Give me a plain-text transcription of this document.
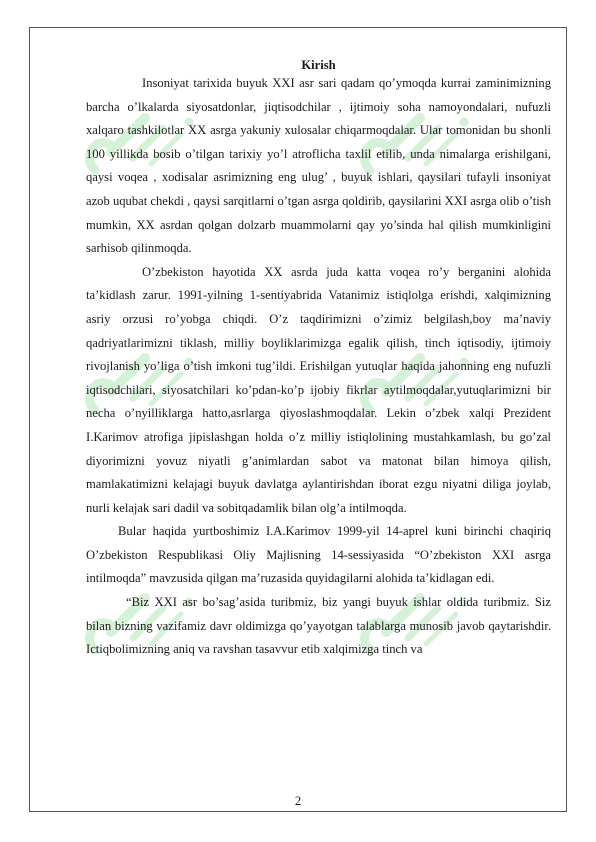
Kirish

Insoniyat tarixida buyuk XXI asr sari qadam qo’ymoqda kurrai zaminimizning barcha o’lkalarda siyosatdonlar, jiqtisodchilar , ijtimoiy soha namoyondalari, nufuzli xalqaro tashkilotlar XX asrga yakuniy xulosalar chiqarmoqdalar. Ular tomonidan bu shonli 100 yillikda bosib o’tilgan tarixiy yo’l atroflicha taxlil etilib, unda nimalarga erishilgani, qaysi voqea , xodisalar asrimizning eng ulug’ , buyuk ishlari, qaysilari tufayli insoniyat azob uqubat chekdi , qaysi sarqitlarni o’tgan asrga qoldirib, qaysilarini XXI asrga olib o’tish mumkin, XX asrdan qolgan dolzarb muammolarni qay yo’sinda hal qilish mumkinligini sarhisob qilinmoqda.

O’zbekiston hayotida XX asrda juda katta voqea ro’y berganini alohida ta’kidlash zarur. 1991-yilning 1-sentiyabrida Vatanimiz istiqlolga erishdi, xalqimizning asriy orzusi ro’yobga chiqdi. O’z taqdirimizni o’zimiz belgilash,boy ma’naviy qadriyatlarimizni tiklash, milliy boyliklarimizga egalik qilish, tinch iqtisodiy, ijtimoiy rivojlanish yo’liga o’tish imkoni tug’ildi. Erishilgan yutuqlar haqida jahonning eng nufuzli iqtisodchilari, siyosatchilari ko’pdan-ko’p ijobiy fikrlar aytilmoqdalar,yutuqlarimizni bir necha o’nyilliklarga hatto,asrlarga qiyoslashmoqdalar. Lekin o’zbek xalqi Prezident I.Karimov atrofiga jipislashgan holda o’z milliy istiqlolining mustahkamlash, bu go’zal diyorimizni yovuz niyatli g’animlardan sabot va matonat bilan himoya qilish, mamlakatimizni kelajagi buyuk davlatga aylantirishdan iborat ezgu niyatni diliga joylab, nurli kelajak sari dadil va sobitqadamlik bilan olg’a intilmoqda.

Bular haqida yurtboshimiz I.A.Karimov 1999-yil 14-aprel kuni birinchi chaqiriq O’zbekiston Respublikasi Oliy Majlisning 14-sessiyasida “O’zbekiston XXI asrga intilmoqda” mavzusida qilgan ma’ruzasida quyidagilarni alohida ta’kidlagan edi.

“Biz XXI asr bo’sag’asida turibmiz, biz yangi buyuk ishlar oldida turibmiz. Siz bilan bizning vazifamiz davr oldimizga qo’yayotgan talablarga munosib javob qaytarishdir. Ictiqbolimizning aniq va ravshan tasavvur etib xalqimizga tinch va

2
